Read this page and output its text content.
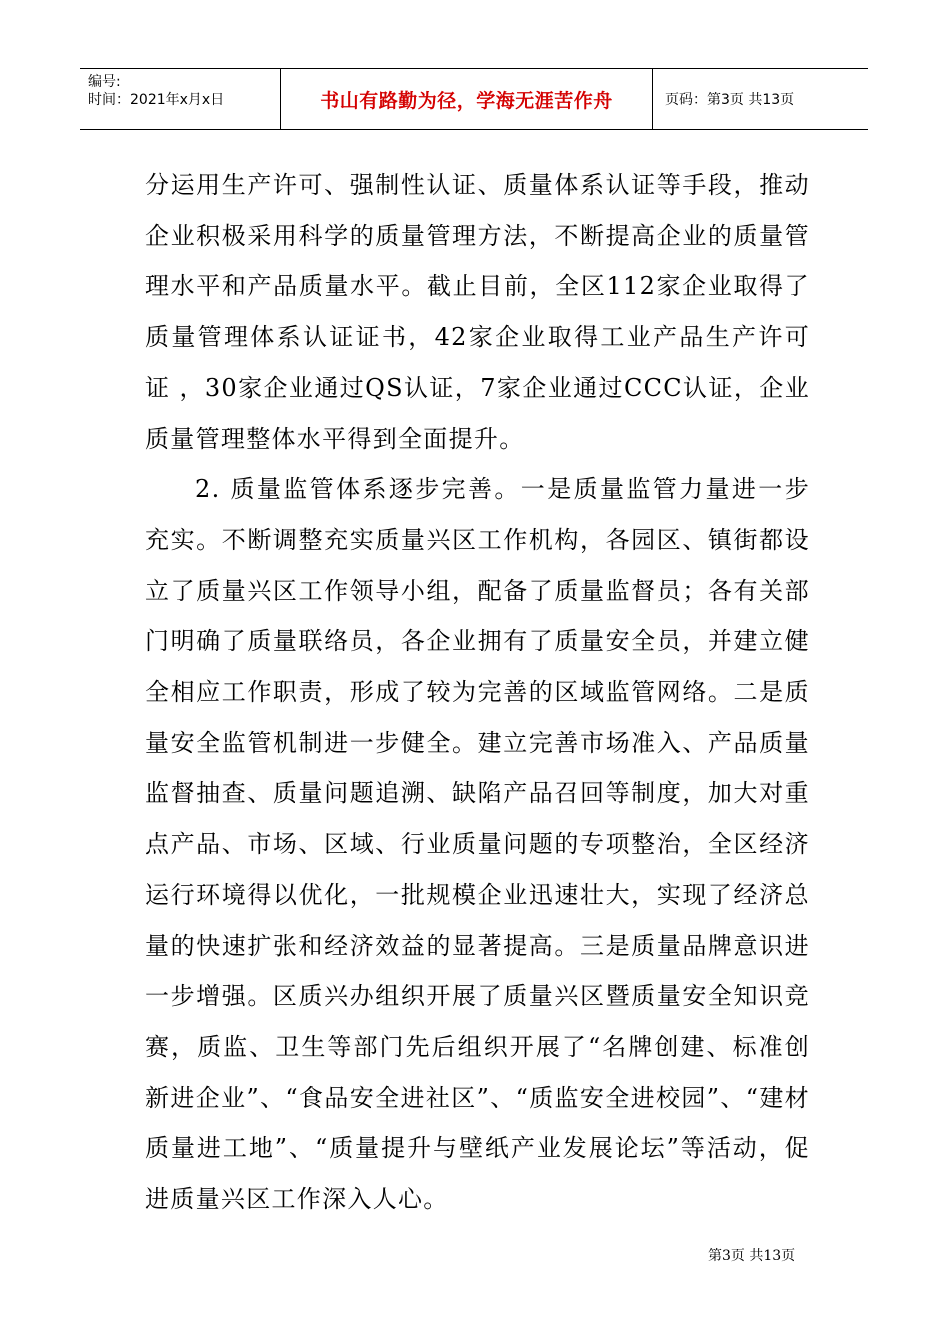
编号:
时间：2021年x月x日	书山有路勤为径，学海无涯苦作舟	页码：第3页 共13页

分运用生产许可、强制性认证、质量体系认证等手段，推动企业积极采用科学的质量管理方法，不断提高企业的质量管理水平和产品质量水平。截止目前，全区112家企业取得了质量管理体系认证证书，42家企业取得工业产品生产许可证 ，30家企业通过QS认证，7家企业通过CCC认证，企业质量管理整体水平得到全面提升。

2. 质量监管体系逐步完善。一是质量监管力量进一步充实。不断调整充实质量兴区工作机构，各园区、镇街都设立了质量兴区工作领导小组，配备了质量监督员；各有关部门明确了质量联络员，各企业拥有了质量安全员，并建立健全相应工作职责，形成了较为完善的区域监管网络。二是质量安全监管机制进一步健全。建立完善市场准入、产品质量监督抽查、质量问题追溯、缺陷产品召回等制度，加大对重点产品、市场、区域、行业质量问题的专项整治，全区经济运行环境得以优化，一批规模企业迅速壮大，实现了经济总量的快速扩张和经济效益的显著提高。三是质量品牌意识进一步增强。区质兴办组织开展了质量兴区暨质量安全知识竞赛，质监、卫生等部门先后组织开展了“名牌创建、标准创新进企业”、“食品安全进社区”、“质监安全进校园”、“建材质量进工地”、“质量提升与壁纸产业发展论坛”等活动，促进质量兴区工作深入人心。

第3页 共13页
